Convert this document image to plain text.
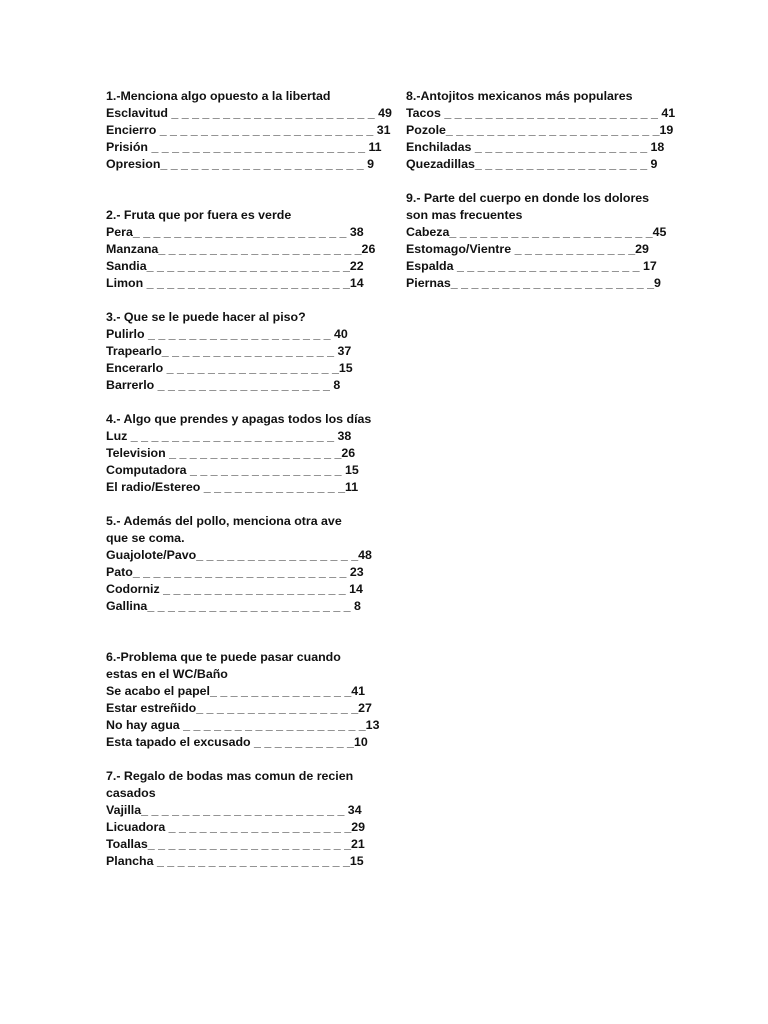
1.-Menciona algo opuesto a la libertad
Esclavitud _ _ _ _ _ _ _ _ _ _ _ _ _ _ _ _ _ _ _ _ 49
Encierro _ _ _ _ _ _ _ _ _ _ _ _ _ _ _ _ _ _ _ _ _ 31
Prisión _ _ _ _ _ _ _ _ _ _ _ _ _ _ _ _ _ _ _ _ _ 11
Opresion_ _ _ _ _ _ _ _ _ _ _ _ _ _ _ _ _ _ _ _ 9
2.- Fruta que por fuera es verde
Pera_ _ _ _ _ _ _ _ _ _ _ _ _ _ _ _ _ _ _ _ _ 38
Manzana_ _ _ _ _ _ _ _ _ _ _ _ _ _ _ _ _ _ _ _26
Sandia_ _ _ _ _ _ _ _ _ _ _ _ _ _ _ _ _ _ _ _22
Limon _ _ _ _ _ _ _ _ _ _ _ _ _ _ _ _ _ _ _ _14
3.- Que se le puede hacer al piso?
Pulirlo _ _ _ _ _ _ _ _ _ _ _ _ _ _ _ _ _ _ 40
Trapearlo_ _ _ _ _ _ _ _ _ _ _ _ _ _ _ _ _ 37
Encerarlo _ _ _ _ _ _ _ _ _ _ _ _ _ _ _ _ _15
Barrerlo _ _ _ _ _ _ _ _ _ _ _ _ _ _ _ _ _ 8
4.- Algo que prendes y apagas todos los días
Luz _ _ _ _ _ _ _ _ _ _ _ _ _ _ _ _ _ _ _ _ 38
Television _ _ _ _ _ _ _ _ _ _ _ _ _ _ _ _ _26
Computadora _ _ _ _ _ _ _ _ _ _ _ _ _ _ _ 15
El radio/Estereo _ _ _ _ _ _ _ _ _ _ _ _ _ _11
5.- Además del pollo, menciona otra ave
que se coma.
Guajolote/Pavo_ _ _ _ _ _ _ _ _ _ _ _ _ _ _ _48
Pato_ _ _ _ _ _ _ _ _ _ _ _ _ _ _ _ _ _ _ _ _ 23
Codorniz _ _ _ _ _ _ _ _ _ _ _ _ _ _ _ _ _ _ 14
Gallina_ _ _ _ _ _ _ _ _ _ _ _ _ _ _ _ _ _ _ _ 8
6.-Problema que te puede pasar cuando
estas en el WC/Baño
Se acabo el papel_ _ _ _ _ _ _ _ _ _ _ _ _ _41
Estar estreñido_ _ _ _ _ _ _ _ _ _ _ _ _ _ _ _27
No hay agua _ _ _ _ _ _ _ _ _ _ _ _ _ _ _ _ _ _13
Esta tapado el excusado _ _ _ _ _ _ _ _ _ _10
7.- Regalo de bodas mas comun de recien
casados
Vajilla_ _ _ _ _ _ _ _ _ _ _ _ _ _ _ _ _ _ _ _ 34
Licuadora _ _ _ _ _ _ _ _ _ _ _ _ _ _ _ _ _ _29
Toallas_ _ _ _ _ _ _ _ _ _ _ _ _ _ _ _ _ _ _ _21
Plancha _ _ _ _ _ _ _ _ _ _ _ _ _ _ _ _ _ _ _15
8.-Antojitos mexicanos más populares
Tacos _ _ _ _ _ _ _ _ _ _ _ _ _ _ _ _ _ _ _ _ _ 41
Pozole_ _ _ _ _ _ _ _ _ _ _ _ _ _ _ _ _ _ _ _ _19
Enchiladas _ _ _ _ _ _ _ _ _ _ _ _ _ _ _ _ _ 18
Quezadillas_ _ _ _ _ _ _ _ _ _ _ _ _ _ _ _ _ 9
9.- Parte del cuerpo en donde los dolores
son mas frecuentes
Cabeza_ _ _ _ _ _ _ _ _ _ _ _ _ _ _ _ _ _ _ _45
Estomago/Vientre _ _ _ _ _ _ _ _ _ _ _ _29
Espalda _ _ _ _ _ _ _ _ _ _ _ _ _ _ _ _ _ _ 17
Piernas_ _ _ _ _ _ _ _ _ _ _ _ _ _ _ _ _ _ _ _9
